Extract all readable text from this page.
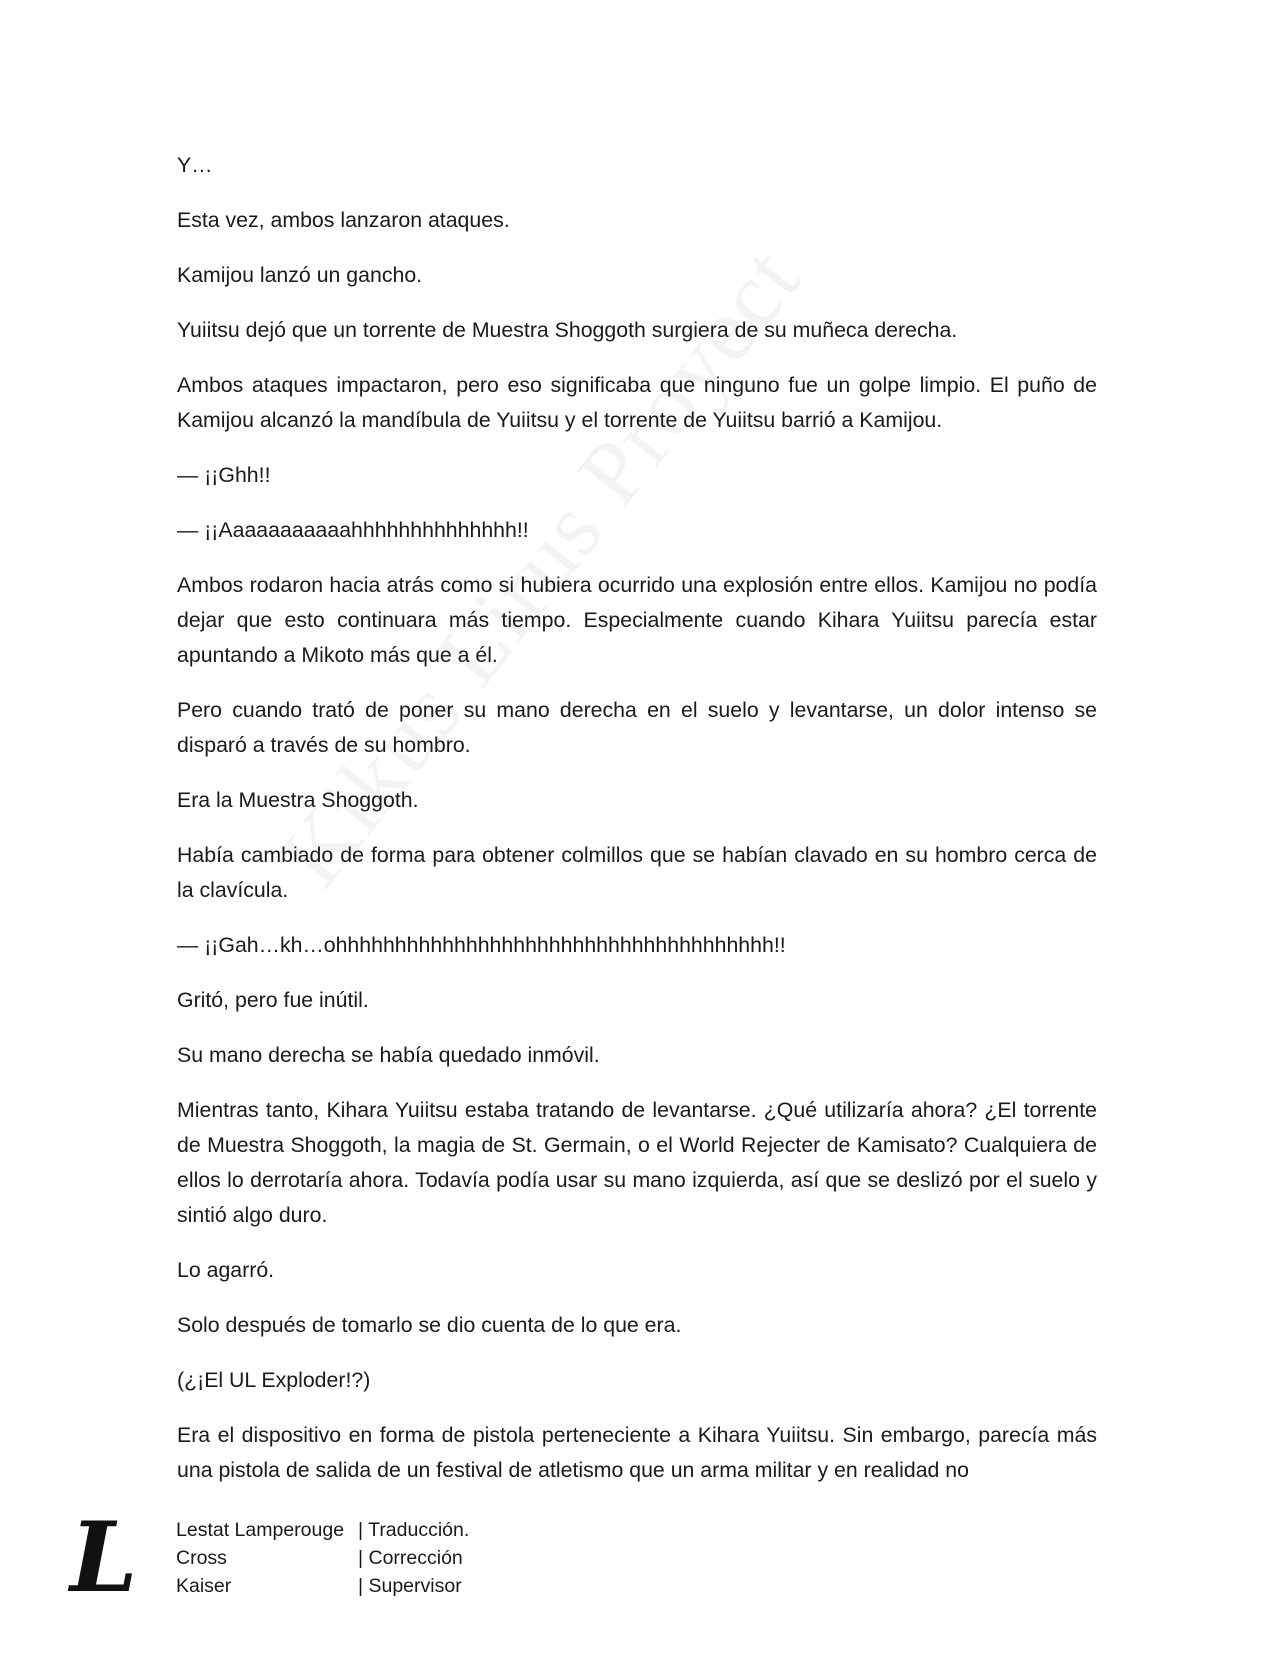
Y…

Esta vez, ambos lanzaron ataques.

Kamijou lanzó un gancho.

Yuiitsu dejó que un torrente de Muestra Shoggoth surgiera de su muñeca derecha.

Ambos ataques impactaron, pero eso significaba que ninguno fue un golpe limpio. El puño de Kamijou alcanzó la mandíbula de Yuiitsu y el torrente de Yuiitsu barrió a Kamijou.

— ¡¡Ghh!!

— ¡¡Aaaaaaaaaaahhhhhhhhhhhhhh!!

Ambos rodaron hacia atrás como si hubiera ocurrido una explosión entre ellos. Kamijou no podía dejar que esto continuara más tiempo. Especialmente cuando Kihara Yuiitsu parecía estar apuntando a Mikoto más que a él.

Pero cuando trató de poner su mano derecha en el suelo y levantarse, un dolor intenso se disparó a través de su hombro.

Era la Muestra Shoggoth.

Había cambiado de forma para obtener colmillos que se habían clavado en su hombro cerca de la clavícula.

— ¡¡Gah…kh…ohhhhhhhhhhhhhhhhhhhhhhhhhhhhhhhhhhhhh!!

Gritó, pero fue inútil.

Su mano derecha se había quedado inmóvil.

Mientras tanto, Kihara Yuiitsu estaba tratando de levantarse. ¿Qué utilizaría ahora? ¿El torrente de Muestra Shoggoth, la magia de St. Germain, o el World Rejecter de Kamisato? Cualquiera de ellos lo derrotaría ahora. Todavía podía usar su mano izquierda, así que se deslizó por el suelo y sintió algo duro.

Lo agarró.

Solo después de tomarlo se dio cuenta de lo que era.

(¿¡El UL Exploder!?)

Era el dispositivo en forma de pistola perteneciente a Kihara Yuiitsu. Sin embargo, parecía más una pistola de salida de un festival de atletismo que un arma militar y en realidad no

L Lestat Lamperouge | Traducción.
Cross	| Corrección
Kaiser	| Supervisor
